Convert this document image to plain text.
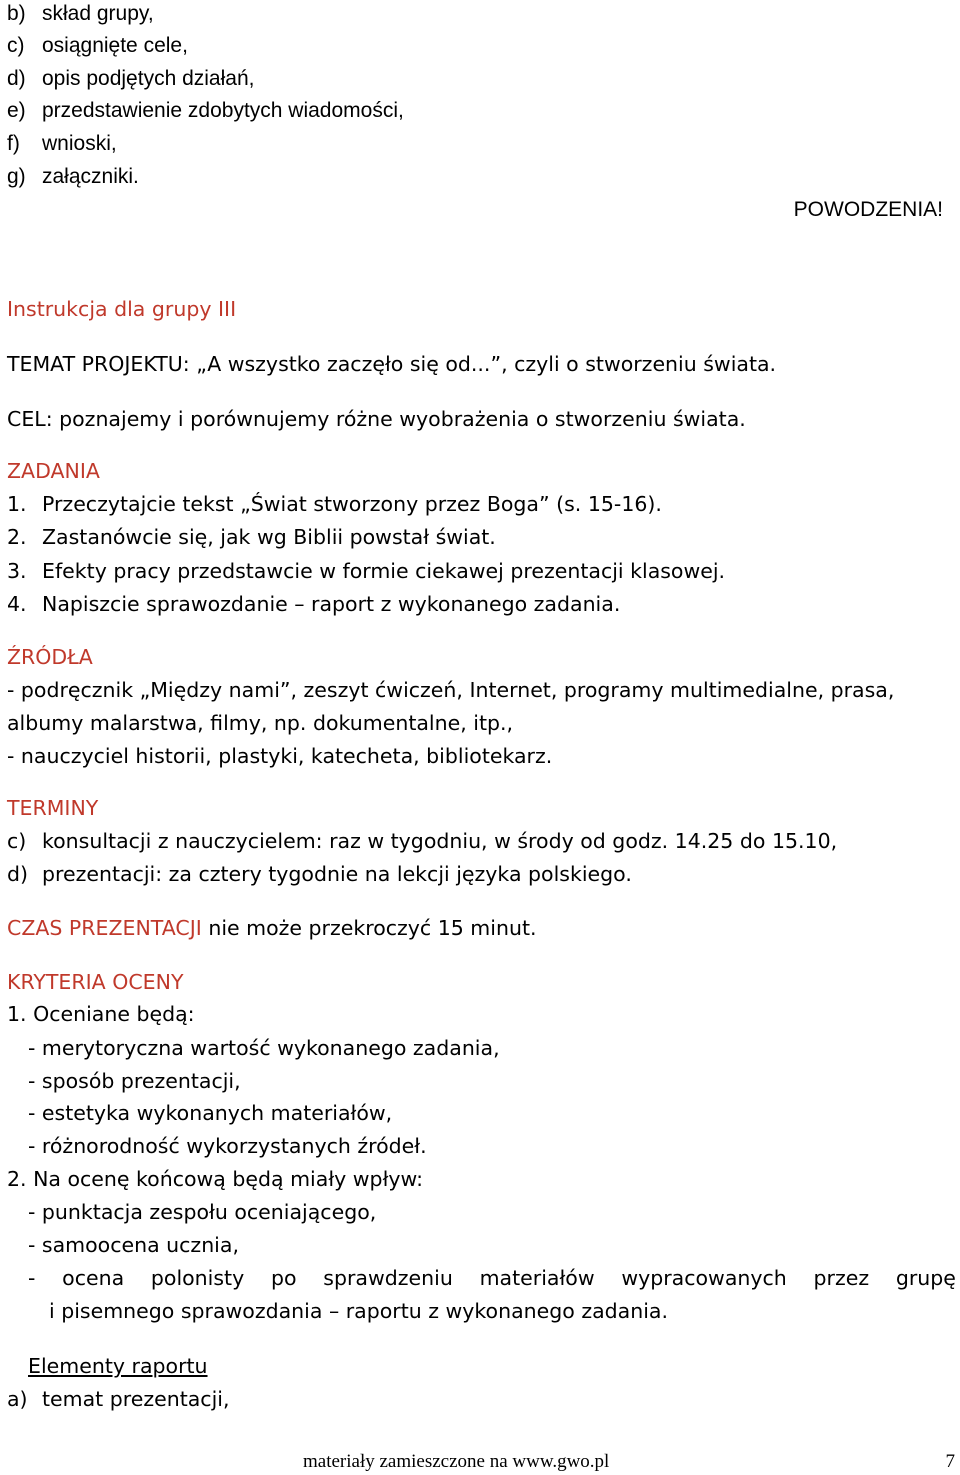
b) skład grupy,
c) osiągnięte cele,
d) opis podjętych działań,
e) przedstawienie zdobytych wiadomości,
f) wnioski,
g) załączniki.
POWODZENIA!
Instrukcja dla grupy III
TEMAT PROJEKTU: „A wszystko zaczęło się od...”, czyli o stworzeniu świata.
CEL: poznajemy i porównujemy różne wyobrażenia o stworzeniu świata.
ZADANIA
1. Przeczytajcie tekst „Świat stworzony przez Boga” (s. 15-16).
2. Zastanówcie się, jak wg Biblii powstał świat.
3. Efekty pracy przedstawcie w formie ciekawej prezentacji klasowej.
4. Napiszcie sprawozdanie – raport z wykonanego zadania.
ŹRÓDŁA
- podręcznik „Między nami”, zeszyt ćwiczeń, Internet, programy multimedialne, prasa,
albumy malarstwa, filmy, np. dokumentalne, itp.,
- nauczyciel historii, plastyki, katecheta, bibliotekarz.
TERMINY
c) konsultacji z nauczycielem: raz w tygodniu, w środy od godz. 14.25 do 15.10,
d) prezentacji: za cztery tygodnie na lekcji języka polskiego.
CZAS PREZENTACJI nie może przekroczyć 15 minut.
KRYTERIA OCENY
1. Oceniane będą:
- merytoryczna wartość wykonanego zadania,
- sposób prezentacji,
- estetyka wykonanych materiałów,
- różnorodność wykorzystanych źródeł.
2. Na ocenę końcową będą miały wpływ:
- punktacja zespołu oceniającego,
- samoocena ucznia,
- ocena polonisty po sprawdzeniu materiałów wypracowanych przez grupę
i pisemnego sprawozdania – raportu z wykonanego zadania.
Elementy raportu
a) temat prezentacji,
materiały zamieszczone na www.gwo.pl	7
